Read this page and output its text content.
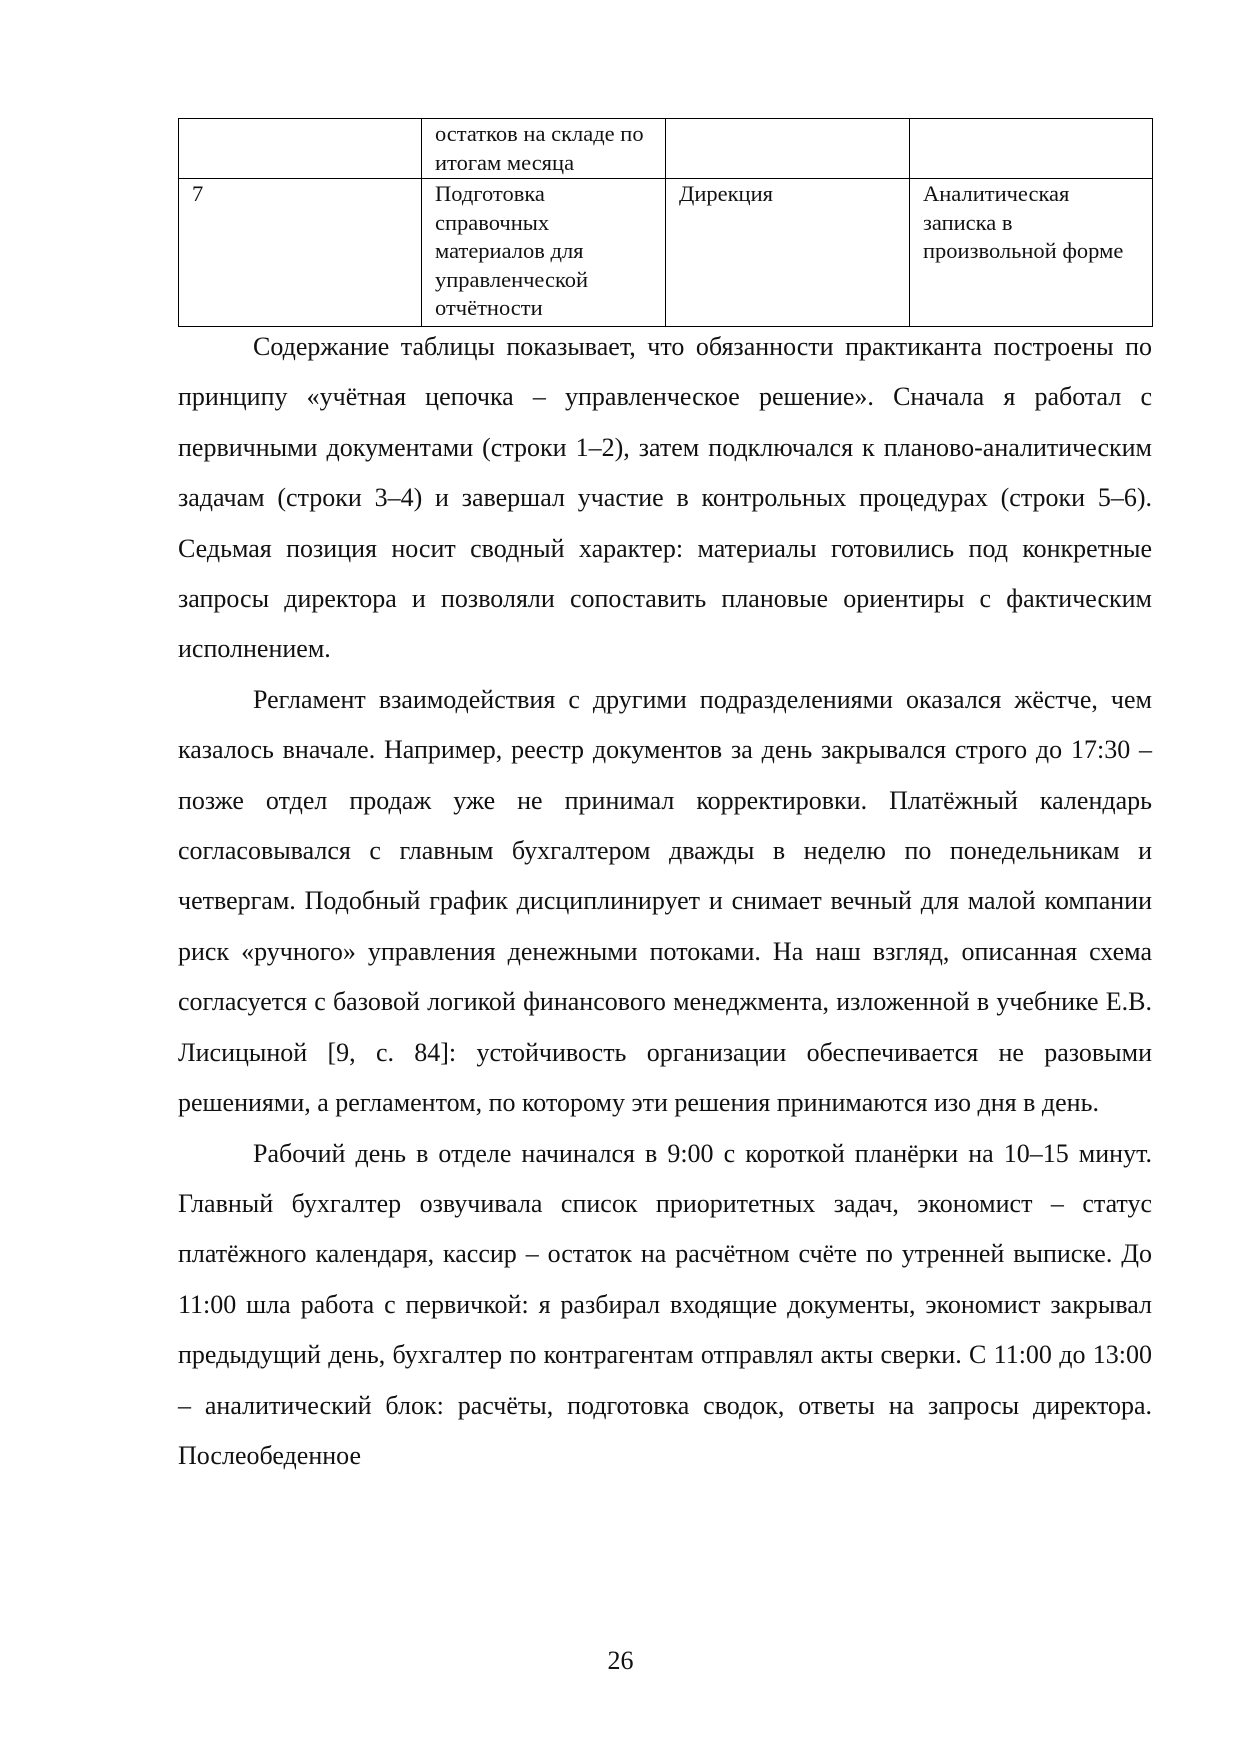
	остатков на складе по итогам месяца		
7	Подготовка справочных материалов для управленческой отчётности	Дирекция	Аналитическая записка в произвольной форме

Содержание таблицы показывает, что обязанности практиканта построены по принципу «учётная цепочка – управленческое решение». Сначала я работал с первичными документами (строки 1–2), затем подключался к планово-аналитическим задачам (строки 3–4) и завершал участие в контрольных процедурах (строки 5–6). Седьмая позиция носит сводный характер: материалы готовились под конкретные запросы директора и позволяли сопоставить плановые ориентиры с фактическим исполнением.

Регламент взаимодействия с другими подразделениями оказался жёстче, чем казалось вначале. Например, реестр документов за день закрывался строго до 17:30 – позже отдел продаж уже не принимал корректировки. Платёжный календарь согласовывался с главным бухгалтером дважды в неделю по понедельникам и четвергам. Подобный график дисциплинирует и снимает вечный для малой компании риск «ручного» управления денежными потоками. На наш взгляд, описанная схема согласуется с базовой логикой финансового менеджмента, изложенной в учебнике Е.В. Лисицыной [9, с. 84]: устойчивость организации обеспечивается не разовыми решениями, а регламентом, по которому эти решения принимаются изо дня в день.

Рабочий день в отделе начинался в 9:00 с короткой планёрки на 10–15 минут. Главный бухгалтер озвучивала список приоритетных задач, экономист – статус платёжного календаря, кассир – остаток на расчётном счёте по утренней выписке. До 11:00 шла работа с первичкой: я разбирал входящие документы, экономист закрывал предыдущий день, бухгалтер по контрагентам отправлял акты сверки. С 11:00 до 13:00 – аналитический блок: расчёты, подготовка сводок, ответы на запросы директора. Послеобеденное

26
